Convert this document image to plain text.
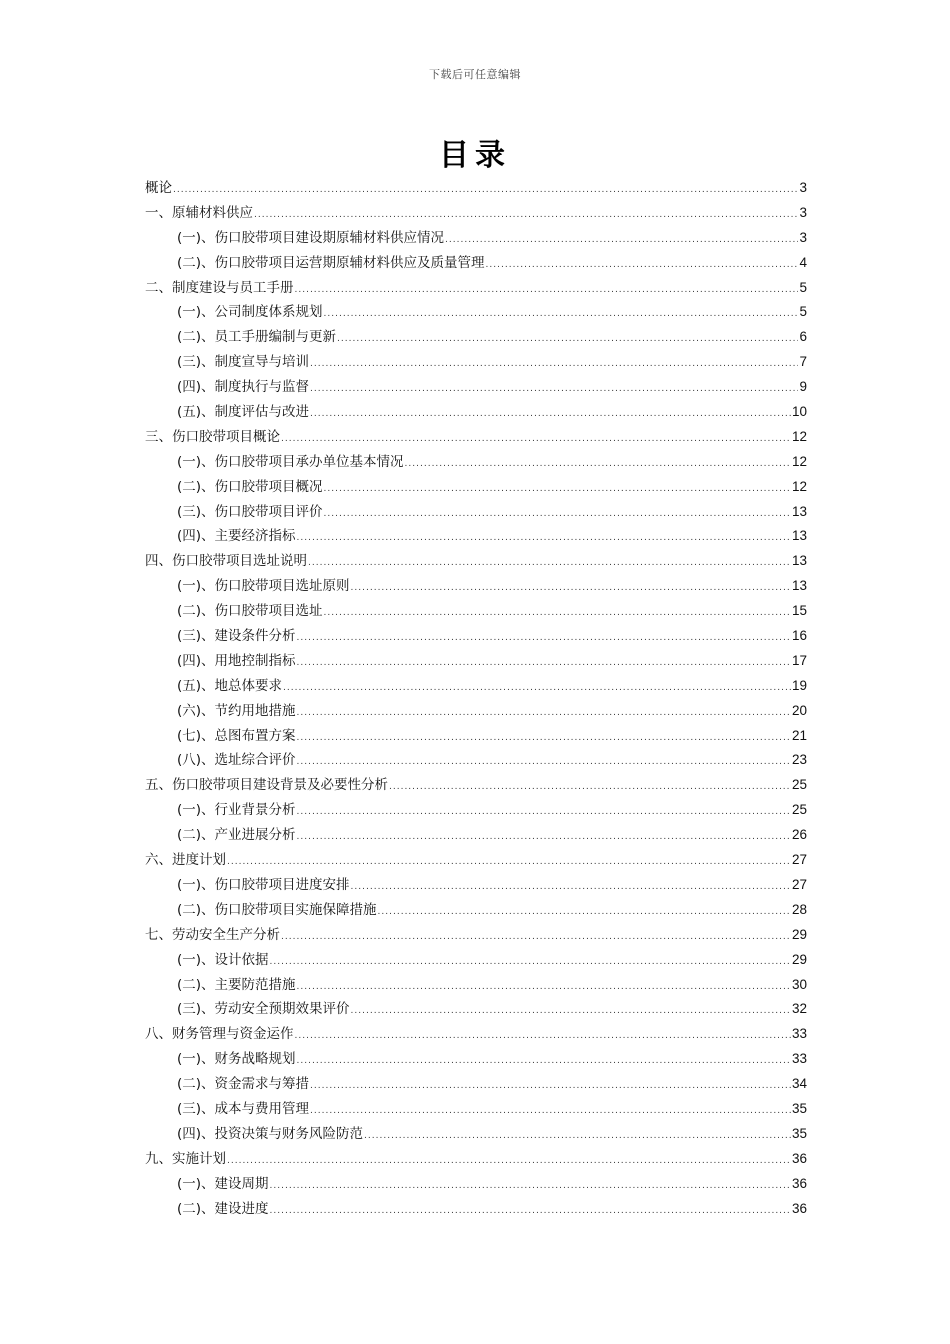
下载后可任意编辑
目录
概论 .....	3
一、原辅材料供应 .....	3
(一)、伤口胶带项目建设期原辅材料供应情况 .....	3
(二)、伤口胶带项目运营期原辅材料供应及质量管理 .....	4
二、制度建设与员工手册 .....	5
(一)、公司制度体系规划 .....	5
(二)、员工手册编制与更新 .....	6
(三)、制度宣导与培训 .....	7
(四)、制度执行与监督 .....	9
(五)、制度评估与改进 .....	10
三、伤口胶带项目概论 .....	12
(一)、伤口胶带项目承办单位基本情况 .....	12
(二)、伤口胶带项目概况 .....	12
(三)、伤口胶带项目评价 .....	13
(四)、主要经济指标 .....	13
四、伤口胶带项目选址说明 .....	13
(一)、伤口胶带项目选址原则 .....	13
(二)、伤口胶带项目选址 .....	15
(三)、建设条件分析 .....	16
(四)、用地控制指标 .....	17
(五)、地总体要求 .....	19
(六)、节约用地措施 .....	20
(七)、总图布置方案 .....	21
(八)、选址综合评价 .....	23
五、伤口胶带项目建设背景及必要性分析 .....	25
(一)、行业背景分析 .....	25
(二)、产业进展分析 .....	26
六、进度计划 .....	27
(一)、伤口胶带项目进度安排 .....	27
(二)、伤口胶带项目实施保障措施 .....	28
七、劳动安全生产分析 .....	29
(一)、设计依据 .....	29
(二)、主要防范措施 .....	30
(三)、劳动安全预期效果评价 .....	32
八、财务管理与资金运作 .....	33
(一)、财务战略规划 .....	33
(二)、资金需求与筹措 .....	34
(三)、成本与费用管理 .....	35
(四)、投资决策与财务风险防范 .....	35
九、实施计划 .....	36
(一)、建设周期 .....	36
(二)、建设进度 .....	36
